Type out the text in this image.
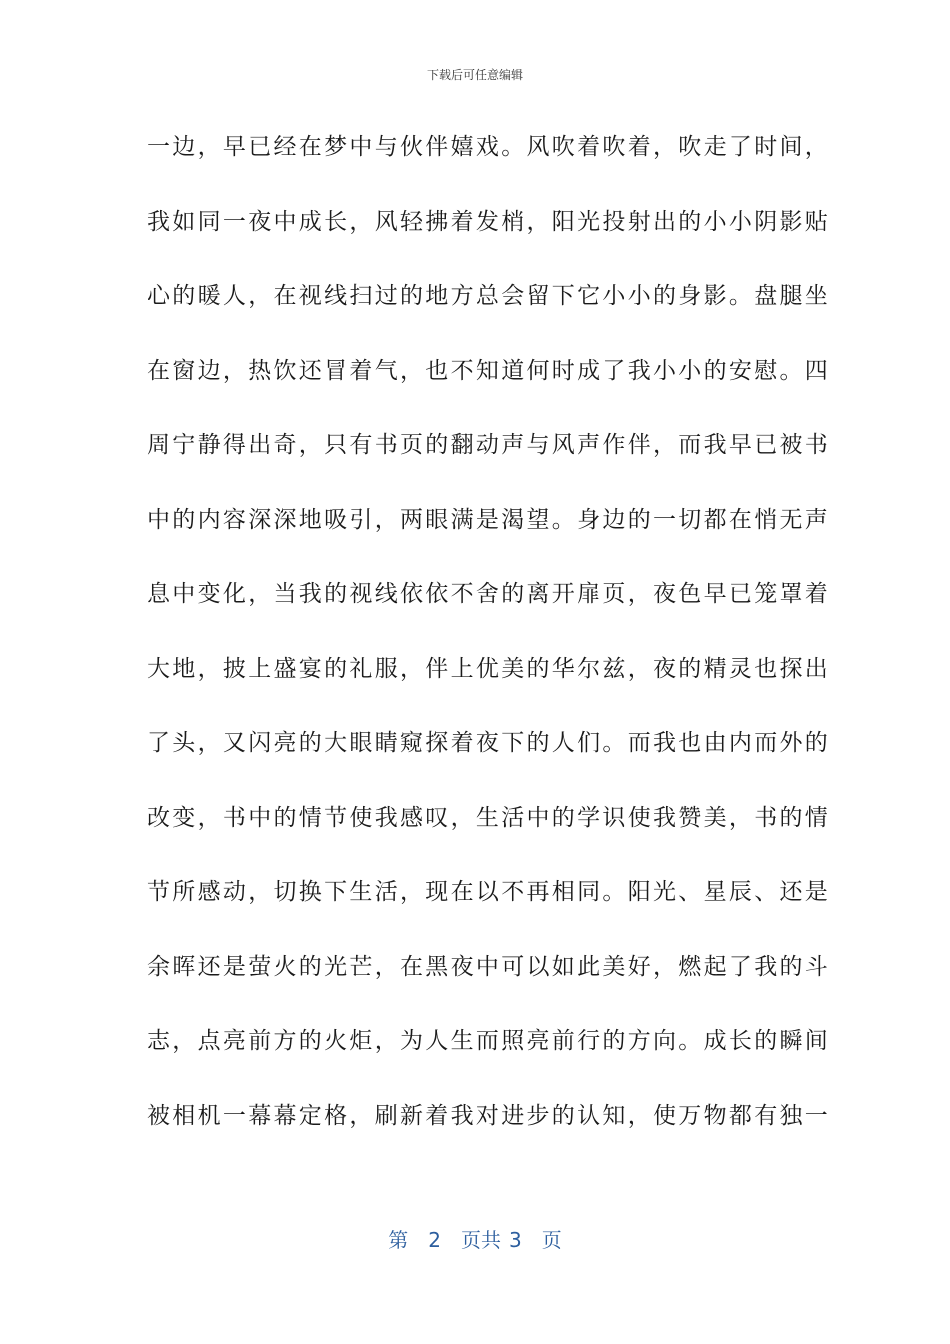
下载后可任意编辑
一边，早已经在梦中与伙伴嬉戏。风吹着吹着，吹走了时间，
我如同一夜中成长，风轻拂着发梢，阳光投射出的小小阴影贴
心的暖人，在视线扫过的地方总会留下它小小的身影。盘腿坐
在窗边，热饮还冒着气，也不知道何时成了我小小的安慰。四
周宁静得出奇，只有书页的翻动声与风声作伴，而我早已被书
中的内容深深地吸引，两眼满是渴望。身边的一切都在悄无声
息中变化，当我的视线依依不舍的离开扉页，夜色早已笼罩着
大地，披上盛宴的礼服，伴上优美的华尔兹，夜的精灵也探出
了头，又闪亮的大眼睛窥探着夜下的人们。而我也由内而外的
改变，书中的情节使我感叹，生活中的学识使我赞美，书的情
节所感动，切换下生活，现在以不再相同。阳光、星辰、还是
余晖还是萤火的光芒，在黑夜中可以如此美好，燃起了我的斗
志，点亮前方的火炬，为人生而照亮前行的方向。成长的瞬间
被相机一幕幕定格，刷新着我对进步的认知，使万物都有独一
第 2 页共 3 页
